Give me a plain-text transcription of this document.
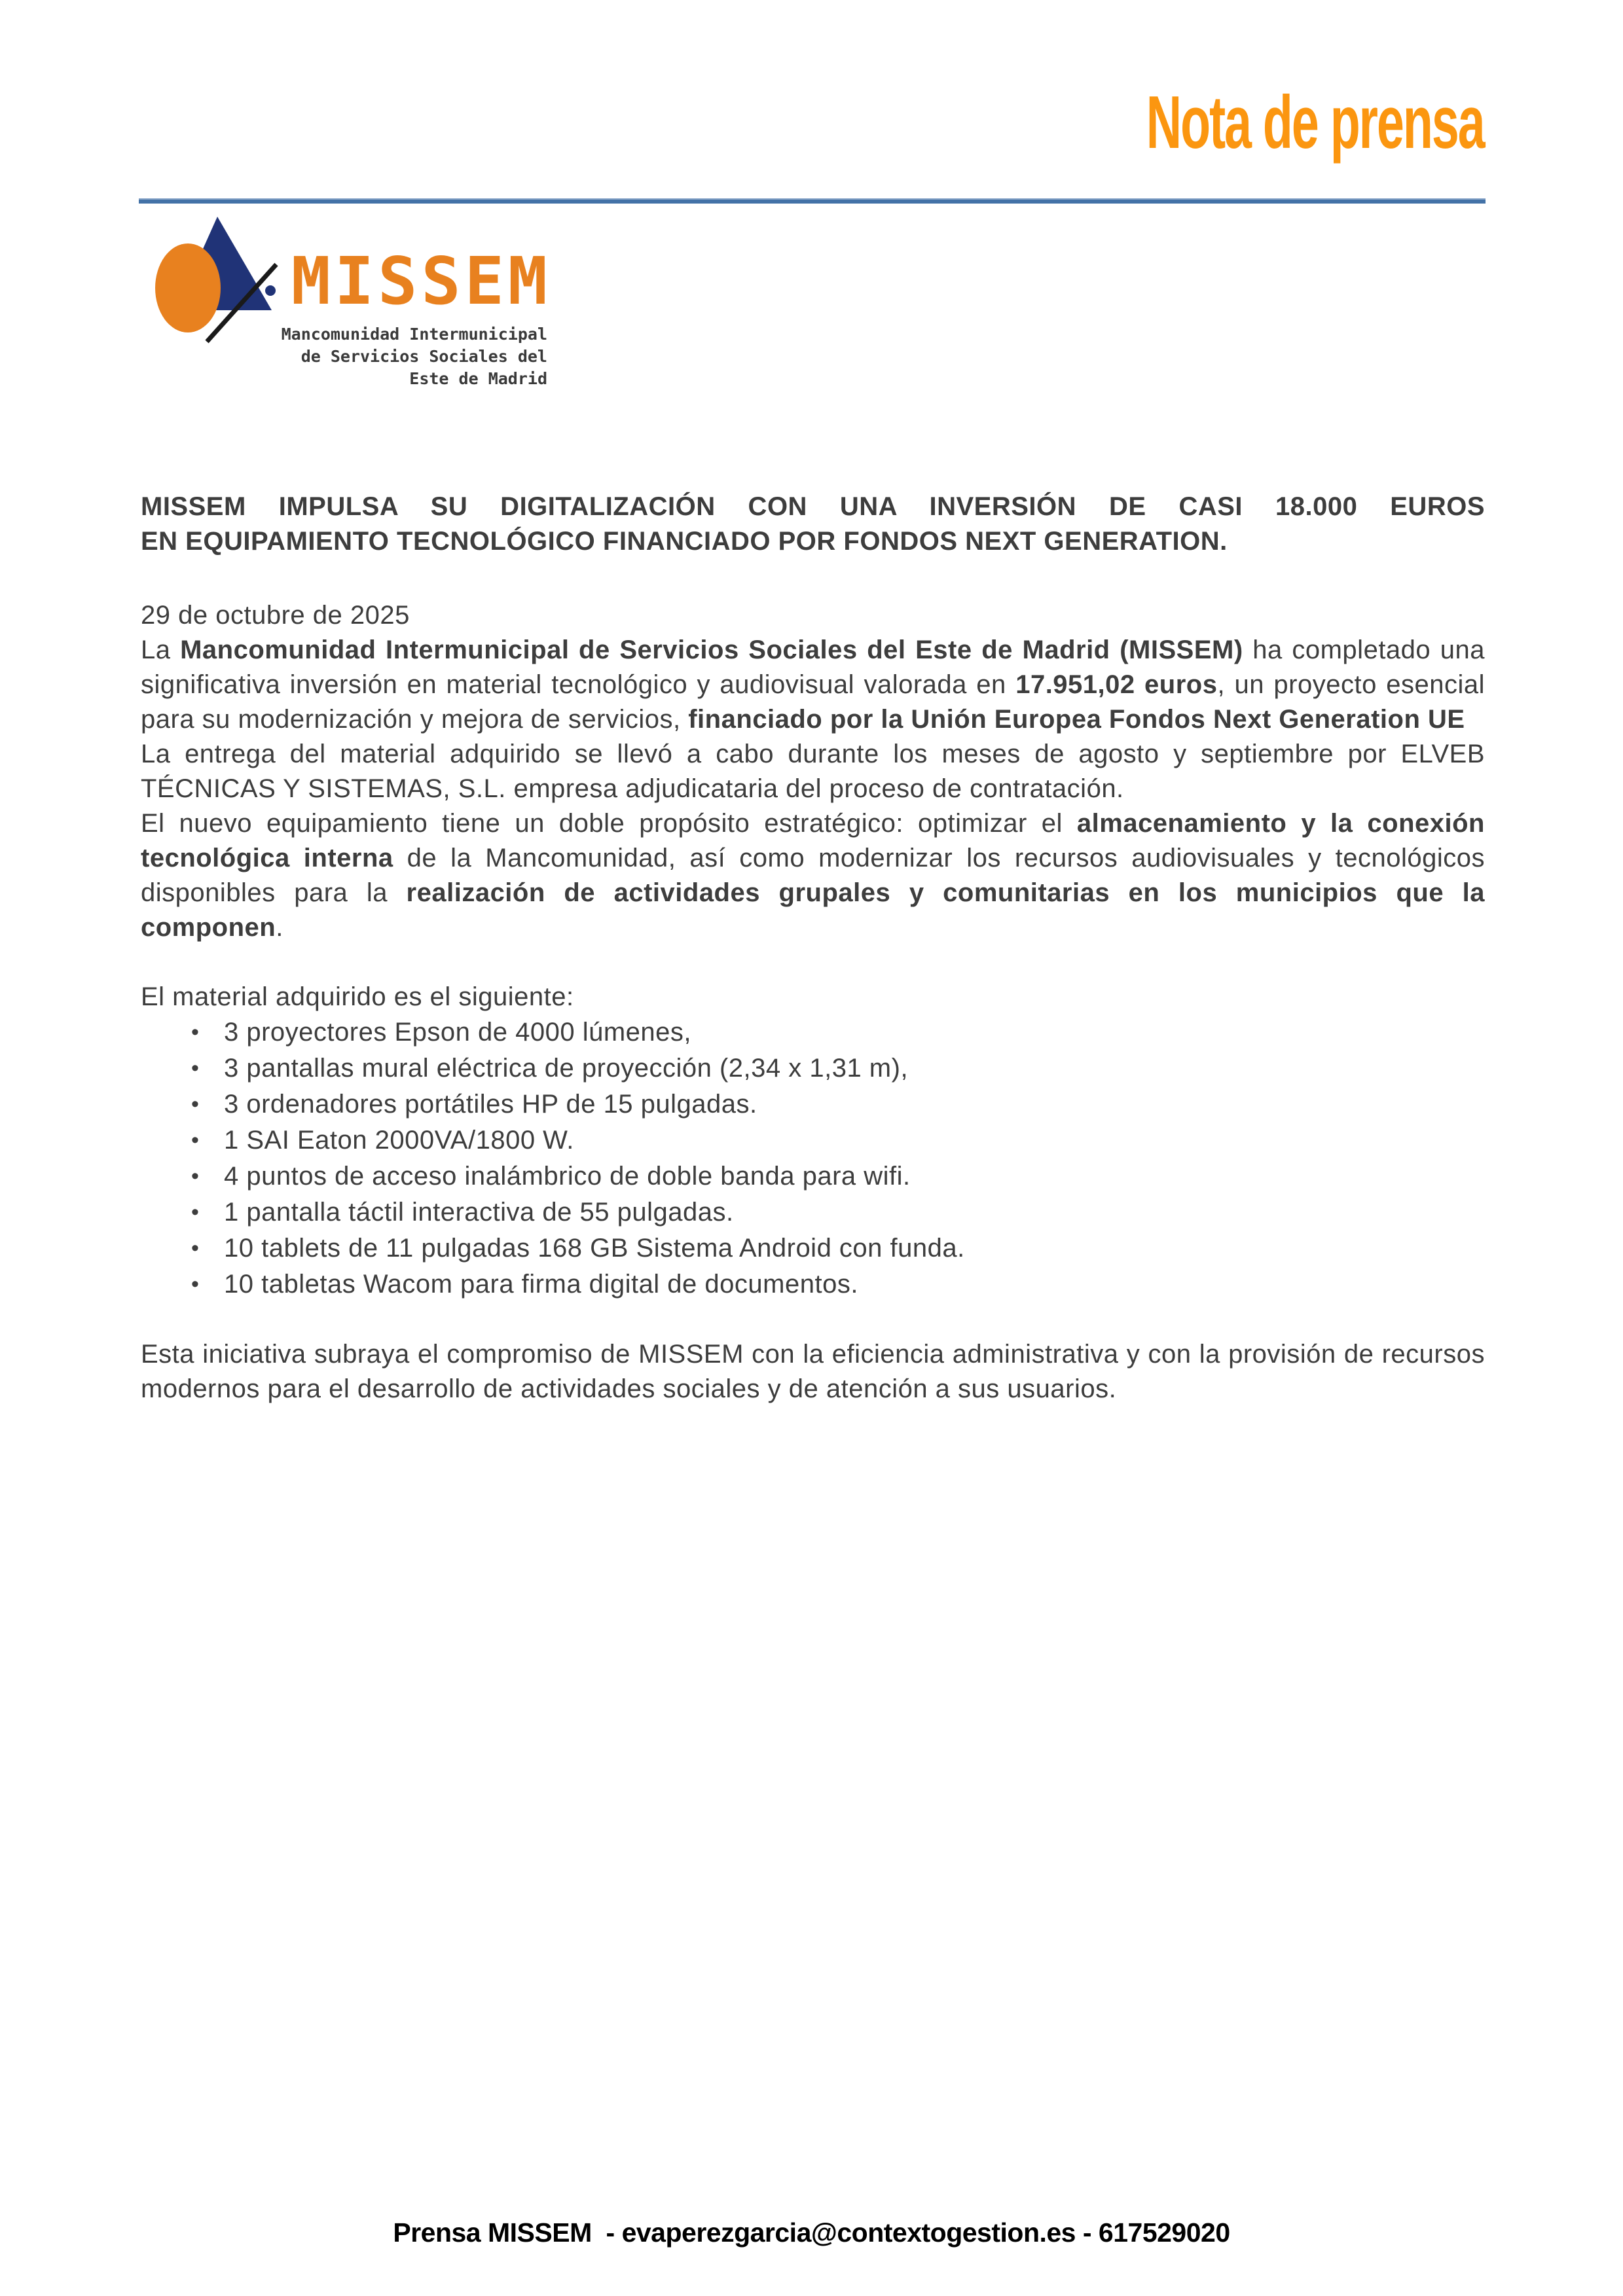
Nota de prensa
MISSEM
Mancomunidad Intermunicipal
de Servicios Sociales del
Este de Madrid
MISSEM IMPULSA SU DIGITALIZACIÓN CON UNA INVERSIÓN DE CASI 18.000 EUROS
EN EQUIPAMIENTO TECNOLÓGICO FINANCIADO POR FONDOS NEXT GENERATION.
29 de octubre de 2025
La Mancomunidad Intermunicipal de Servicios Sociales del Este de Madrid (MISSEM) ha completado una significativa inversión en material tecnológico y audiovisual valorada en 17.951,02 euros, un proyecto esencial para su modernización y mejora de servicios, financiado por la Unión Europea Fondos Next Generation UE
La entrega del material adquirido se llevó a cabo durante los meses de agosto y septiembre por ELVEB TÉCNICAS Y SISTEMAS, S.L. empresa adjudicataria del proceso de contratación.
El nuevo equipamiento tiene un doble propósito estratégico: optimizar el almacenamiento y la conexión tecnológica interna de la Mancomunidad, así como modernizar los recursos audiovisuales y tecnológicos disponibles para la realización de actividades grupales y comunitarias en los municipios que la componen.
El material adquirido es el siguiente:
• 3 proyectores Epson de 4000 lúmenes,
• 3 pantallas mural eléctrica de proyección (2,34 x 1,31 m),
• 3 ordenadores portátiles HP de 15 pulgadas.
• 1 SAI Eaton 2000VA/1800 W.
• 4 puntos de acceso inalámbrico de doble banda para wifi.
• 1 pantalla táctil interactiva de 55 pulgadas.
• 10 tablets de 11 pulgadas 168 GB Sistema Android con funda.
• 10 tabletas Wacom para firma digital de documentos.
Esta iniciativa subraya el compromiso de MISSEM con la eficiencia administrativa y con la provisión de recursos modernos para el desarrollo de actividades sociales y de atención a sus usuarios.
Prensa MISSEM  - evaperezgarcia@contextogestion.es - 617529020
